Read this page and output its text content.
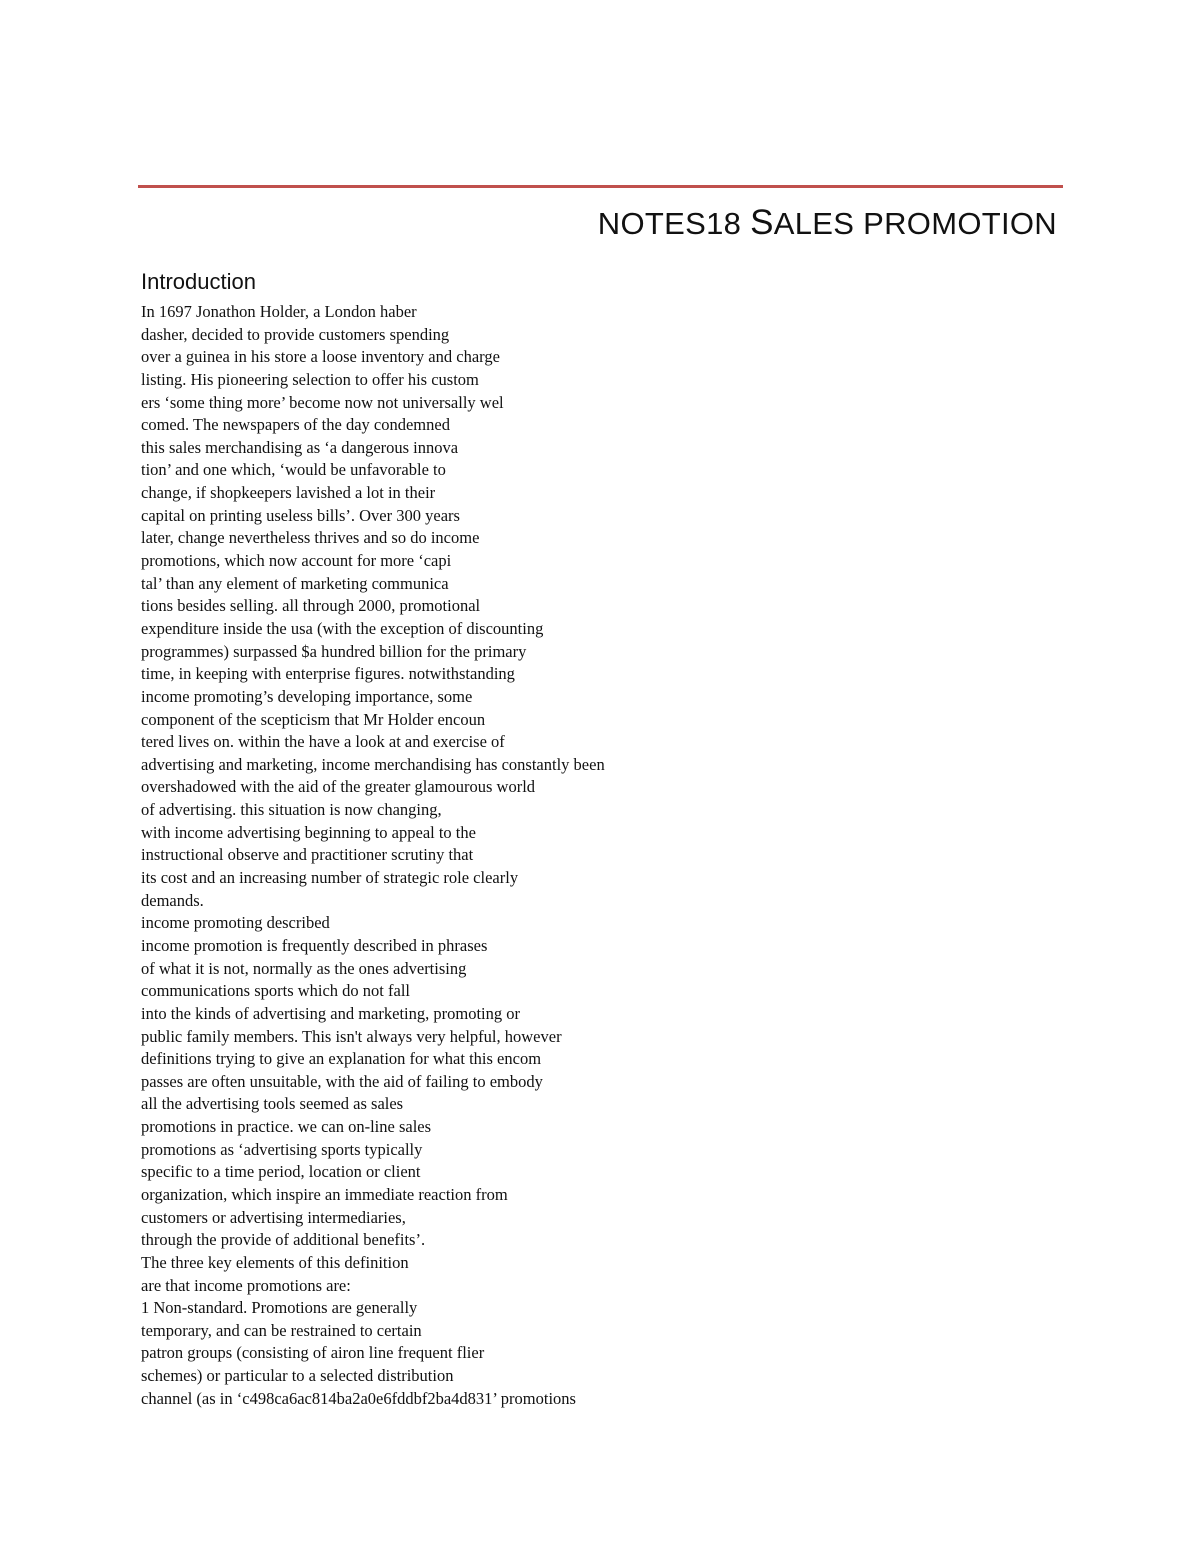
NOTES18 SALES PROMOTION
Introduction
In 1697 Jonathon Holder, a London haber
dasher, decided to provide customers spending
over a guinea in his store a loose inventory and charge
listing. His pioneering selection to offer his custom
ers ‘some thing more’ become now not universally wel
comed. The newspapers of the day condemned
this sales merchandising as ‘a dangerous innova
tion’ and one which, ‘would be unfavorable to
change, if shopkeepers lavished a lot in their
capital on printing useless bills’. Over 300 years
later, change nevertheless thrives and so do income
promotions, which now account for more ‘capi
tal’ than any element of marketing communica
tions besides selling. all through 2000, promotional
expenditure inside the usa (with the exception of discounting
programmes) surpassed $a hundred billion for the primary
time, in keeping with enterprise figures. notwithstanding
income promoting’s developing importance, some
component of the scepticism that Mr Holder encoun
tered lives on. within the have a look at and exercise of
advertising and marketing, income merchandising has constantly been
overshadowed with the aid of the greater glamourous world
of advertising. this situation is now changing,
with income advertising beginning to appeal to the
instructional observe and practitioner scrutiny that
its cost and an increasing number of strategic role clearly
demands.
income promoting described
income promotion is frequently described in phrases
of what it is not, normally as the ones advertising
communications sports which do not fall
into the kinds of advertising and marketing, promoting or
public family members. This isn't always very helpful, however
definitions trying to give an explanation for what this encom
passes are often unsuitable, with the aid of failing to embody
all the advertising tools seemed as sales
promotions in practice. we can on-line sales
promotions as ‘advertising sports typically
specific to a time period, location or client
organization, which inspire an immediate reaction from
customers or advertising intermediaries,
through the provide of additional benefits’.
The three key elements of this definition
are that income promotions are:
1 Non-standard. Promotions are generally
temporary, and can be restrained to certain
patron groups (consisting of airon line frequent flier
schemes) or particular to a selected distribution
channel (as in ‘c498ca6ac814ba2a0e6fddbf2ba4d831’ promotions
